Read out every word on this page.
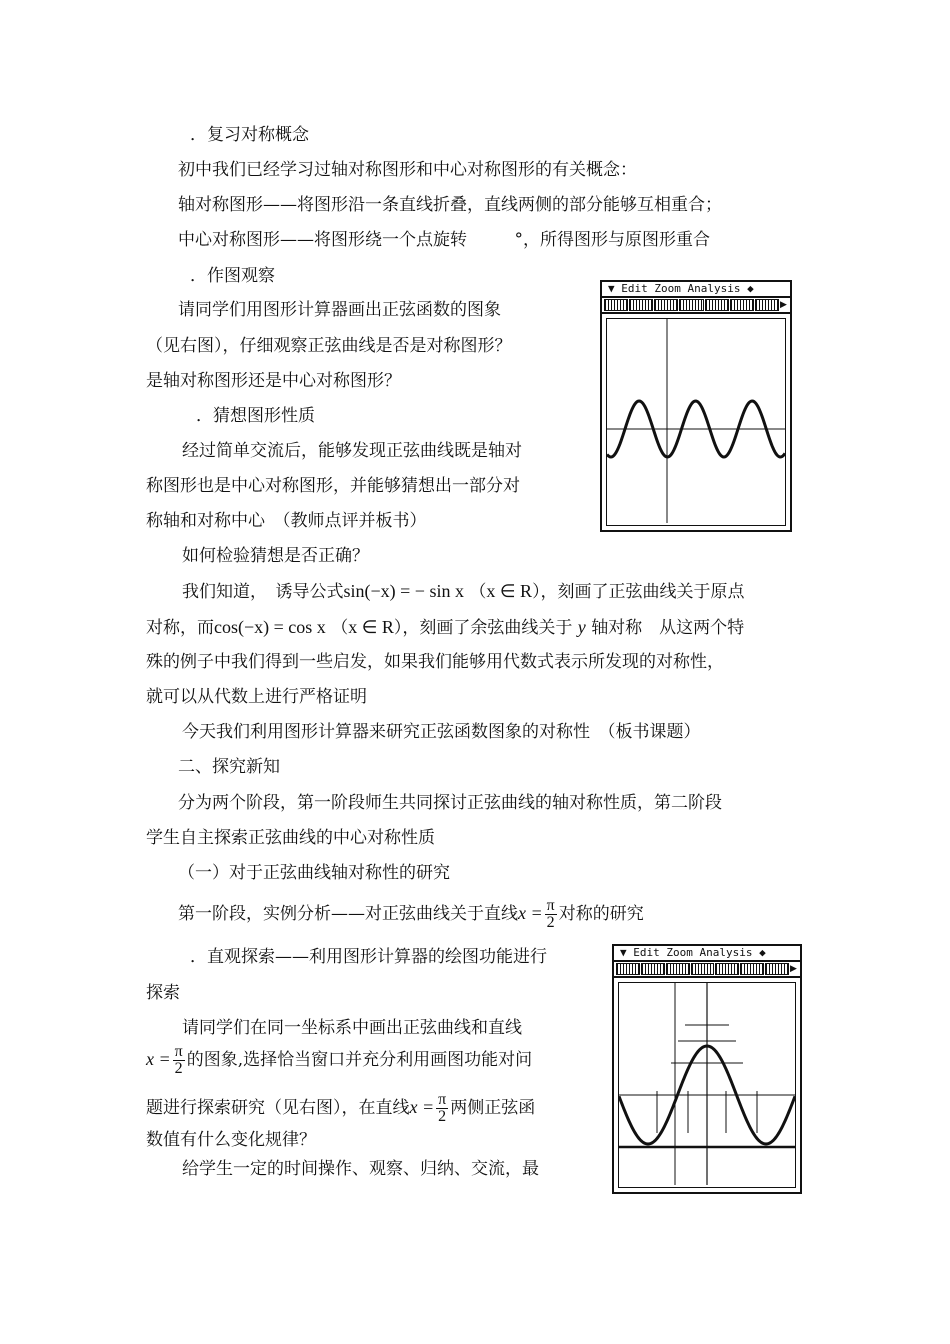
．复习对称概念
初中我们已经学习过轴对称图形和中心对称图形的有关概念：
轴对称图形——将图形沿一条直线折叠，直线两侧的部分能够互相重合；
中心对称图形——将图形绕一个点旋转	°，所得图形与原图形重合
．作图观察
请同学们用图形计算器画出正弦函数的图象
（见右图），仔细观察正弦曲线是否是对称图形？
是轴对称图形还是中心对称图形？
．猜想图形性质
经过简单交流后，能够发现正弦曲线既是轴对
称图形也是中心对称图形，并能够猜想出一部分对
称轴和对称中心　（教师点评并板书）
如何检验猜想是否正确？
我们知道，　诱导公式sin(−x) = − sin x （x ∈ R），刻画了正弦曲线关于原点
对称，而cos(−x) = cos x （x ∈ R），刻画了余弦曲线关于 y 轴对称　从这两个特
殊的例子中我们得到一些启发，如果我们能够用代数式表示所发现的对称性，
就可以从代数上进行严格证明
今天我们利用图形计算器来研究正弦函数图象的对称性　（板书课题）
二、探究新知
分为两个阶段，第一阶段师生共同探讨正弦曲线的轴对称性质，第二阶段
学生自主探索正弦曲线的中心对称性质
（一）对于正弦曲线轴对称性的研究
第一阶段，实例分析——对正弦曲线关于直线$x = \frac{\pi}{2}$ 对称的研究
．直观探索——利用图形计算器的绘图功能进行
探索
请同学们在同一坐标系中画出正弦曲线和直线
$x = \frac{\pi}{2}$ 的图象,选择恰当窗口并充分利用画图功能对问
题进行探索研究（见右图），在直线$x = \frac{\pi}{2}$ 两侧正弦函
数值有什么变化规律？
给学生一定的时间操作、观察、归纳、交流，最
▼ Edit Zoom Analysis ◆
▶
▼ Edit Zoom Analysis ◆
▶
